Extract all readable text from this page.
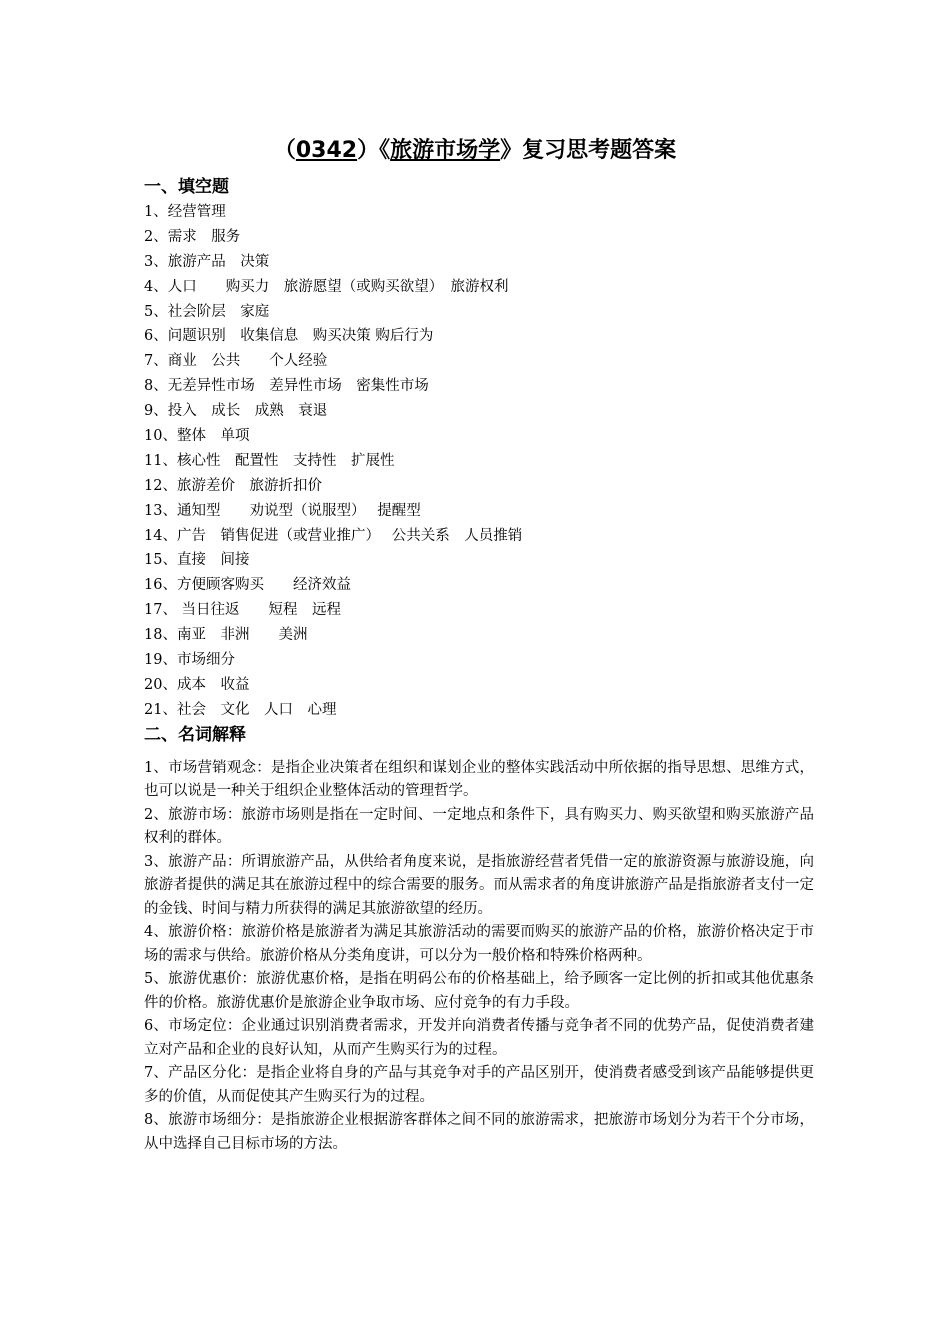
（0342）《旅游市场学》复习思考题答案
一、填空题
1、经营管理
2、需求　服务
3、旅游产品　决策
4、人口　　购买力　旅游愿望（或购买欲望）　旅游权利
5、社会阶层　家庭
6、问题识别　收集信息　购买决策 购后行为
7、商业　公共　　个人经验
8、无差异性市场　差异性市场　密集性市场
9、投入　成长　成熟　衰退
10、整体　单项
11、核心性　配置性　支持性　扩展性
12、旅游差价　旅游折扣价
13、通知型　　劝说型（说服型）　 提醒型
14、广告　销售促进（或营业推广）　 公共关系　人员推销
15、直接　间接
16、方便顾客购买　　经济效益
17、 当日往返　　短程　远程
18、南亚　非洲　　美洲
19、市场细分
20、成本　收益
21、社会　文化　人口　心理
二、名词解释
1、市场营销观念：是指企业决策者在组织和谋划企业的整体实践活动中所依据的指导思想、思维方式，也可以说是一种关于组织企业整体活动的管理哲学。
2、旅游市场：旅游市场则是指在一定时间、一定地点和条件下，具有购买力、购买欲望和购买旅游产品权利的群体。
3、旅游产品：所谓旅游产品，从供给者角度来说，是指旅游经营者凭借一定的旅游资源与旅游设施，向旅游者提供的满足其在旅游过程中的综合需要的服务。而从需求者的角度讲旅游产品是指旅游者支付一定的金钱、时间与精力所获得的满足其旅游欲望的经历。
4、旅游价格：旅游价格是旅游者为满足其旅游活动的需要而购买的旅游产品的价格，旅游价格决定于市场的需求与供给。旅游价格从分类角度讲，可以分为一般价格和特殊价格两种。
5、旅游优惠价：旅游优惠价格，是指在明码公布的价格基础上，给予顾客一定比例的折扣或其他优惠条件的价格。旅游优惠价是旅游企业争取市场、应付竞争的有力手段。
6、市场定位：企业通过识别消费者需求，开发并向消费者传播与竞争者不同的优势产品，促使消费者建立对产品和企业的良好认知，从而产生购买行为的过程。
7、产品区分化：是指企业将自身的产品与其竞争对手的产品区别开，使消费者感受到该产品能够提供更多的价值，从而促使其产生购买行为的过程。
8、旅游市场细分：是指旅游企业根据游客群体之间不同的旅游需求，把旅游市场划分为若干个分市场，从中选择自己目标市场的方法。
